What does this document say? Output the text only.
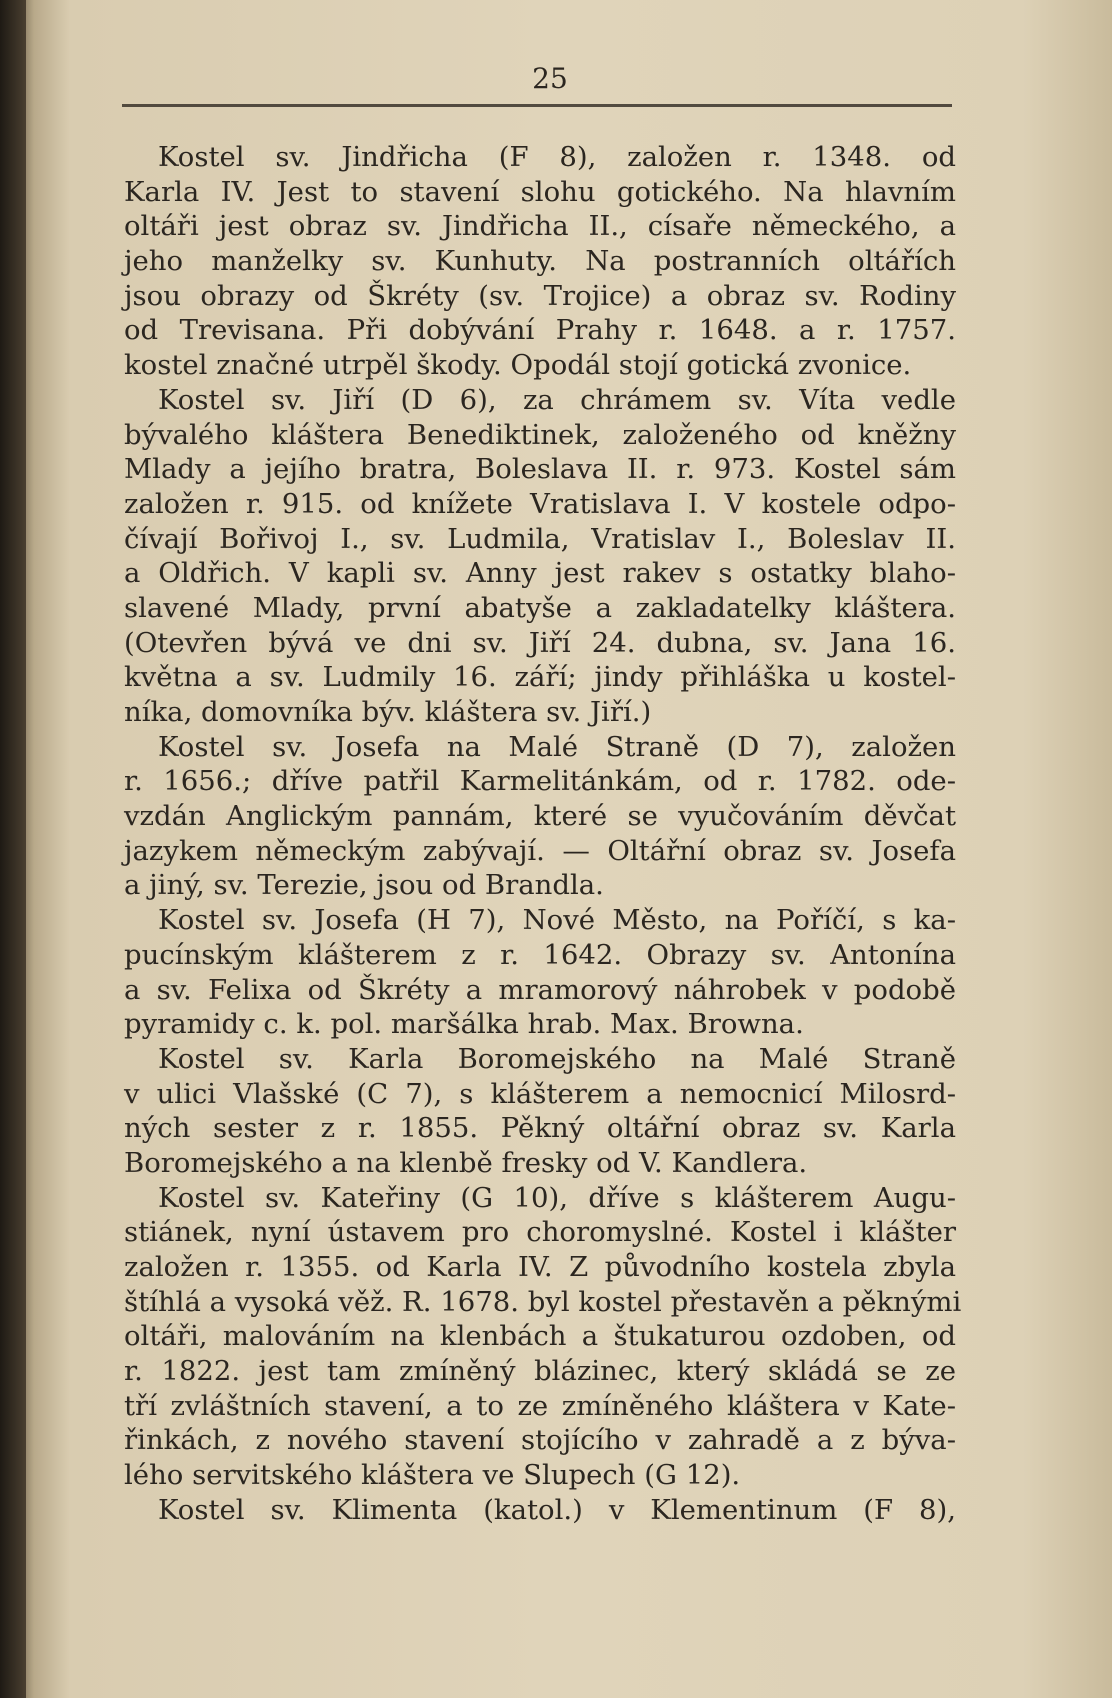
25
Kostel sv. Jindřicha (F 8), založen r. 1348. od
Karla IV. Jest to stavení slohu gotického. Na hlavním
oltáři jest obraz sv. Jindřicha II., císaře německého, a
jeho manželky sv. Kunhuty. Na postranních oltářích
jsou obrazy od Škréty (sv. Trojice) a obraz sv. Rodiny
od Trevisana. Při dobývání Prahy r. 1648. a r. 1757.
kostel značné utrpěl škody. Opodál stojí gotická zvonice.
Kostel sv. Jiří (D 6), za chrámem sv. Víta vedle
bývalého kláštera Benediktinek, založeného od kněžny
Mlady a jejího bratra, Boleslava II. r. 973. Kostel sám
založen r. 915. od knížete Vratislava I. V kostele odpo-
čívají Bořivoj I., sv. Ludmila, Vratislav I., Boleslav II.
a Oldřich. V kapli sv. Anny jest rakev s ostatky blaho-
slavené Mlady, první abatyše a zakladatelky kláštera.
(Otevřen bývá ve dni sv. Jiří 24. dubna, sv. Jana 16.
května a sv. Ludmily 16. září; jindy přihláška u kostel-
níka, domovníka býv. kláštera sv. Jiří.)
Kostel sv. Josefa na Malé Straně (D 7), založen
r. 1656.; dříve patřil Karmelitánkám, od r. 1782. ode-
vzdán Anglickým pannám, které se vyučováním děvčat
jazykem německým zabývají. — Oltářní obraz sv. Josefa
a jiný, sv. Terezie, jsou od Brandla.
Kostel sv. Josefa (H 7), Nové Město, na Poříčí, s ka-
pucínským klášterem z r. 1642. Obrazy sv. Antonína
a sv. Felixa od Škréty a mramorový náhrobek v podobě
pyramidy c. k. pol. maršálka hrab. Max. Browna.
Kostel sv. Karla Boromejského na Malé Straně
v ulici Vlašské (C 7), s klášterem a nemocnicí Milosrd-
ných sester z r. 1855. Pěkný oltářní obraz sv. Karla
Boromejského a na klenbě fresky od V. Kandlera.
Kostel sv. Kateřiny (G 10), dříve s klášterem Augu-
stiánek, nyní ústavem pro choromyslné. Kostel i klášter
založen r. 1355. od Karla IV. Z původního kostela zbyla
štíhlá a vysoká věž. R. 1678. byl kostel přestavěn a pěknými
oltáři, malováním na klenbách a štukaturou ozdoben, od
r. 1822. jest tam zmíněný blázinec, který skládá se ze
tří zvláštních stavení, a to ze zmíněného kláštera v Kate-
řinkách, z nového stavení stojícího v zahradě a z býva-
lého servitského kláštera ve Slupech (G 12).
Kostel sv. Klimenta (katol.) v Klementinum (F 8),
